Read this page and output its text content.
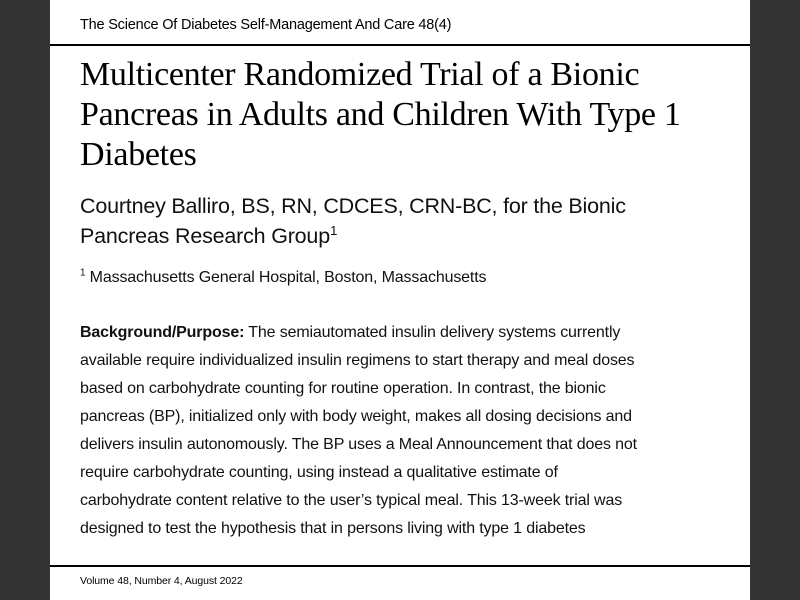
The Science Of Diabetes Self-Management And Care 48(4)
Multicenter Randomized Trial of a Bionic Pancreas in Adults and Children With Type 1 Diabetes
Courtney Balliro, BS, RN, CDCES, CRN-BC, for the Bionic
Pancreas Research Group$^1$
$^1$ Massachusetts General Hospital, Boston, Massachusetts
Background/Purpose: The semiautomated insulin delivery systems currently
available require individualized insulin regimens to start therapy and meal doses
based on carbohydrate counting for routine operation. In contrast, the bionic
pancreas (BP), initialized only with body weight, makes all dosing decisions and
delivers insulin autonomously. The BP uses a Meal Announcement that does not
require carbohydrate counting, using instead a qualitative estimate of
carbohydrate content relative to the user’s typical meal. This 13-week trial was
designed to test the hypothesis that in persons living with type 1 diabetes
Volume 48, Number 4, August 2022
